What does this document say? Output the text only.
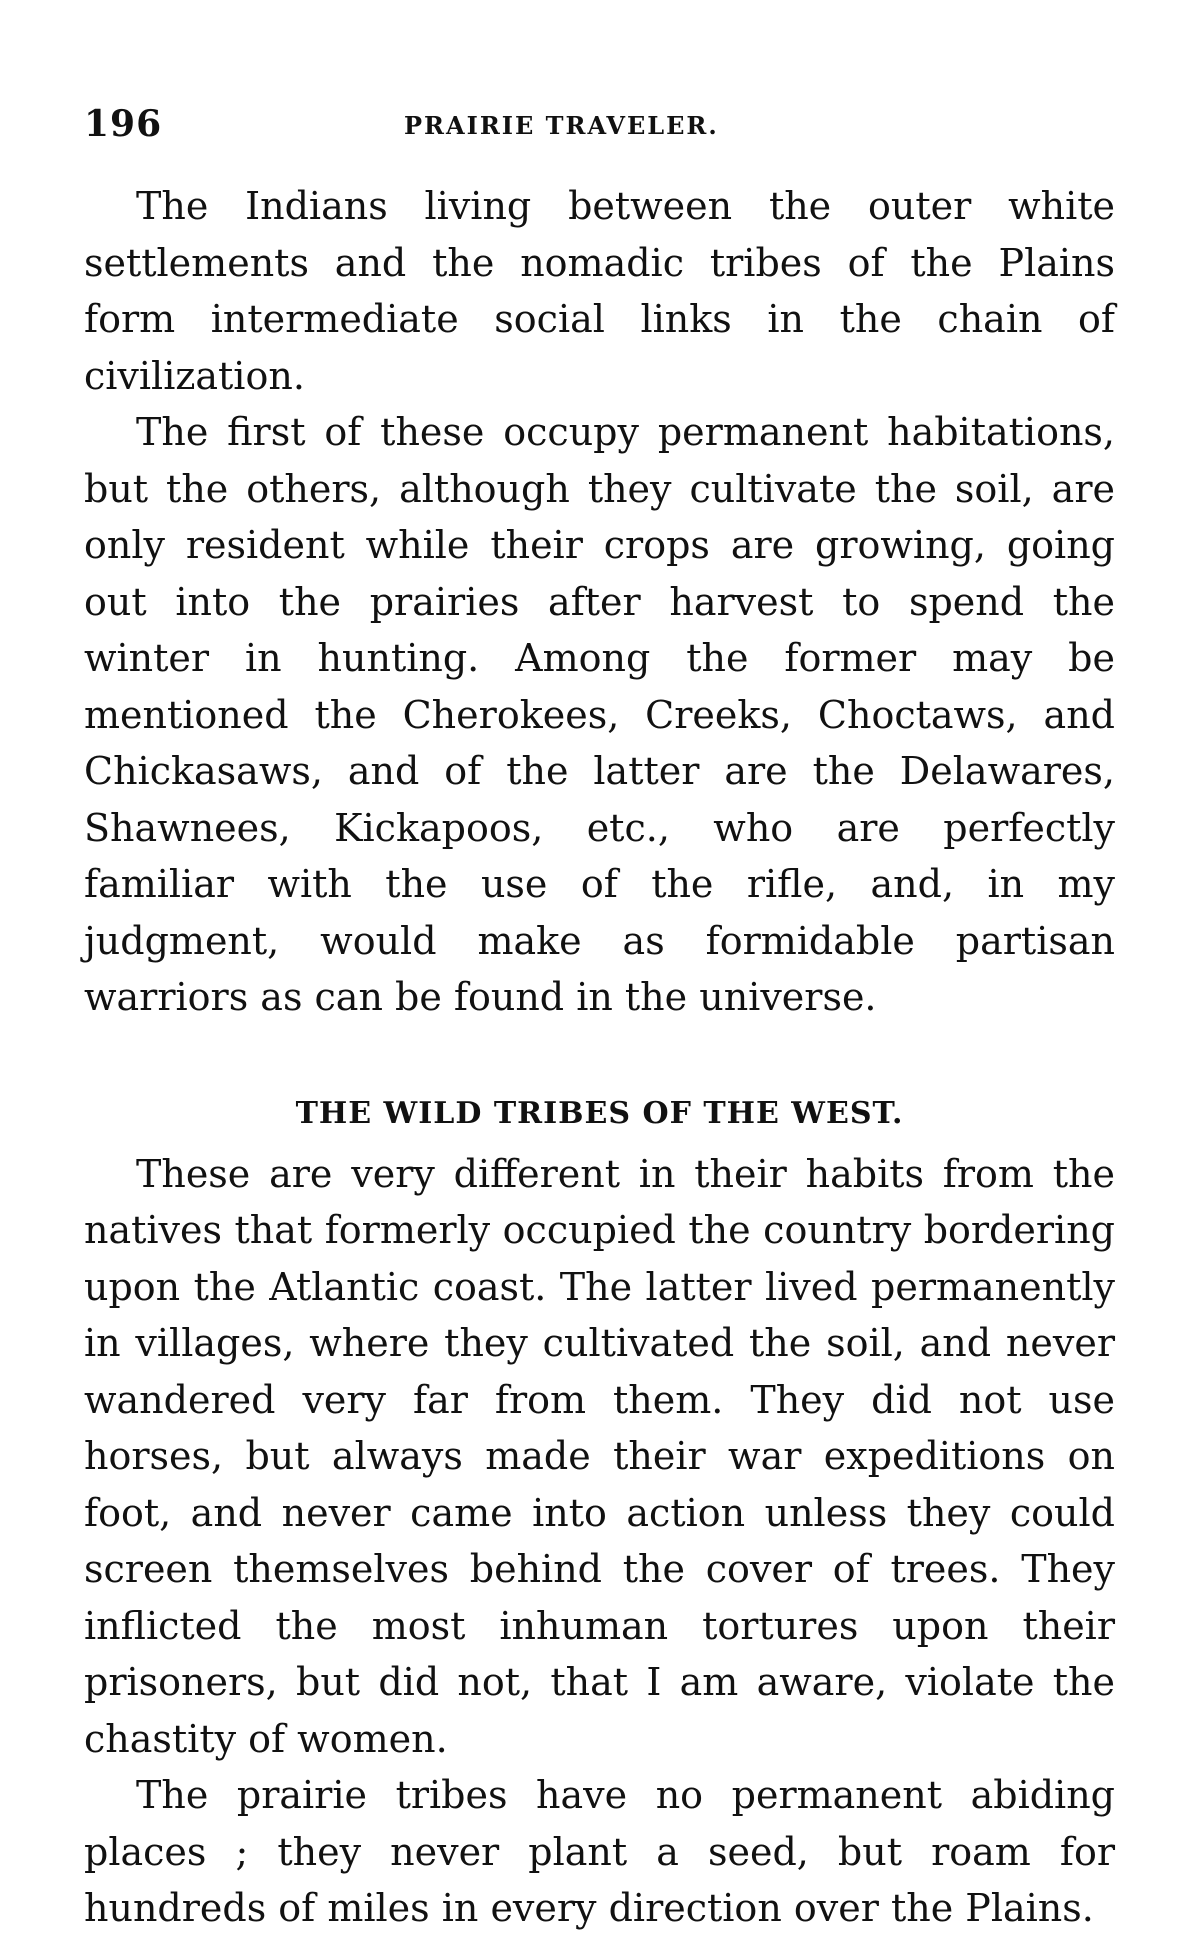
196	PRAIRIE TRAVELER.

The Indians living between the outer white settlements and the nomadic tribes of the Plains form intermediate social links in the chain of civilization.

The first of these occupy permanent habitations, but the others, although they cultivate the soil, are only resident while their crops are growing, going out into the prairies after harvest to spend the winter in hunting. Among the former may be mentioned the Cherokees, Creeks, Choctaws, and Chickasaws, and of the latter are the Delawares, Shawnees, Kickapoos, etc., who are perfectly familiar with the use of the rifle, and, in my judgment, would make as formidable partisan warriors as can be found in the universe.

THE WILD TRIBES OF THE WEST.

These are very different in their habits from the natives that formerly occupied the country bordering upon the Atlantic coast. The latter lived permanently in villages, where they cultivated the soil, and never wandered very far from them. They did not use horses, but always made their war expeditions on foot, and never came into action unless they could screen themselves behind the cover of trees. They inflicted the most inhuman tortures upon their prisoners, but did not, that I am aware, violate the chastity of women.

The prairie tribes have no permanent abiding places ; they never plant a seed, but roam for hundreds of miles in every direction over the Plains.
